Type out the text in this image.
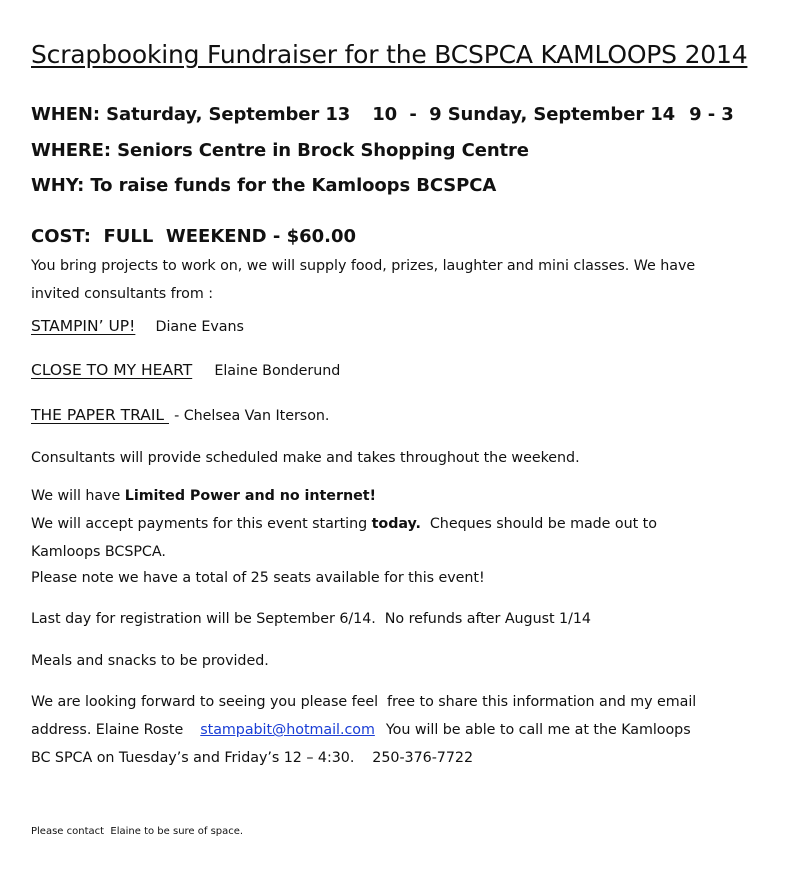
Scrapbooking Fundraiser for the BCSPCA KAMLOOPS 2014
WHEN: Saturday, September 13 10  -  9 Sunday, September 14 9 - 3
WHERE: Seniors Centre in Brock Shopping Centre
WHY: To raise funds for the Kamloops BCSPCA
COST:  FULL  WEEKEND - $60.00
You bring projects to work on, we will supply food, prizes, laughter and mini classes. We have
invited consultants from :
STAMPIN’ UP! Diane Evans
CLOSE TO MY HEART Elaine Bonderund
THE PAPER TRAIL  - Chelsea Van Iterson.
Consultants will provide scheduled make and takes throughout the weekend.
We will have Limited Power and no internet!
We will accept payments for this event starting today.  Cheques should be made out to
Kamloops BCSPCA.
Please note we have a total of 25 seats available for this event!
Last day for registration will be September 6/14.  No refunds after August 1/14
Meals and snacks to be provided.
We are looking forward to seeing you please feel  free to share this information and my email
address. Elaine Roste stampabit@hotmail.com You will be able to call me at the Kamloops
BC SPCA on Tuesday’s and Friday’s 12 – 4:30.    250-376-7722
Please contact  Elaine to be sure of space.
